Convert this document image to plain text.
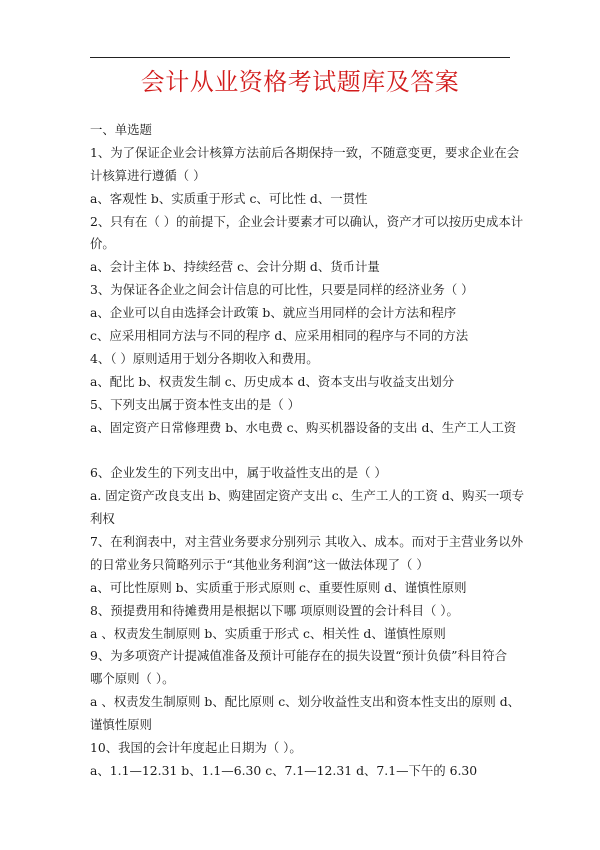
会计从业资格考试题库及答案
一、单选题
1、为了保证企业会计核算方法前后各期保持一致，不随意变更，要求企业在会
计核算进行遵循（ ）
a、客观性 b、实质重于形式 c、可比性 d、一贯性
2、只有在（ ）的前提下，企业会计要素才可以确认，资产才可以按历史成本计
价。
a、会计主体 b、持续经营 c、会计分期 d、货币计量
3、为保证各企业之间会计信息的可比性，只要是同样的经济业务（ ）
a、企业可以自由选择会计政策 b、就应当用同样的会计方法和程序
c、应采用相同方法与不同的程序 d、应采用相同的程序与不同的方法
4、（ ）原则适用于划分各期收入和费用。
a、配比 b、权责发生制 c、历史成本 d、资本支出与收益支出划分
5、下列支出属于资本性支出的是（ ）
a、固定资产日常修理费 b、水电费 c、购买机器设备的支出 d、生产工人工资
6、企业发生的下列支出中，属于收益性支出的是（ ）
a. 固定资产改良支出 b、购建固定资产支出 c、生产工人的工资 d、购买一项专
利权
7、在利润表中，对主营业务要求分别列示 其收入、成本。而对于主营业务以外
的日常业务只简略列示于“其他业务利润”这一做法体现了（ ）
a、可比性原则 b、实质重于形式原则 c、重要性原则 d、谨慎性原则
8、预提费用和待摊费用是根据以下哪 项原则设置的会计科目（ ）。
a 、权责发生制原则 b、实质重于形式 c、相关性 d、谨慎性原则
9、为多项资产计提减值准备及预计可能存在的损失设置“预计负债”科目符合
哪个原则（ ）。
a 、权责发生制原则 b、配比原则 c、划分收益性支出和资本性支出的原则 d、
谨慎性原则
10、我国的会计年度起止日期为（ ）。
a、1.1—12.31 b、1.1—6.30 c、7.1—12.31 d、7.1—下午的 6.30
